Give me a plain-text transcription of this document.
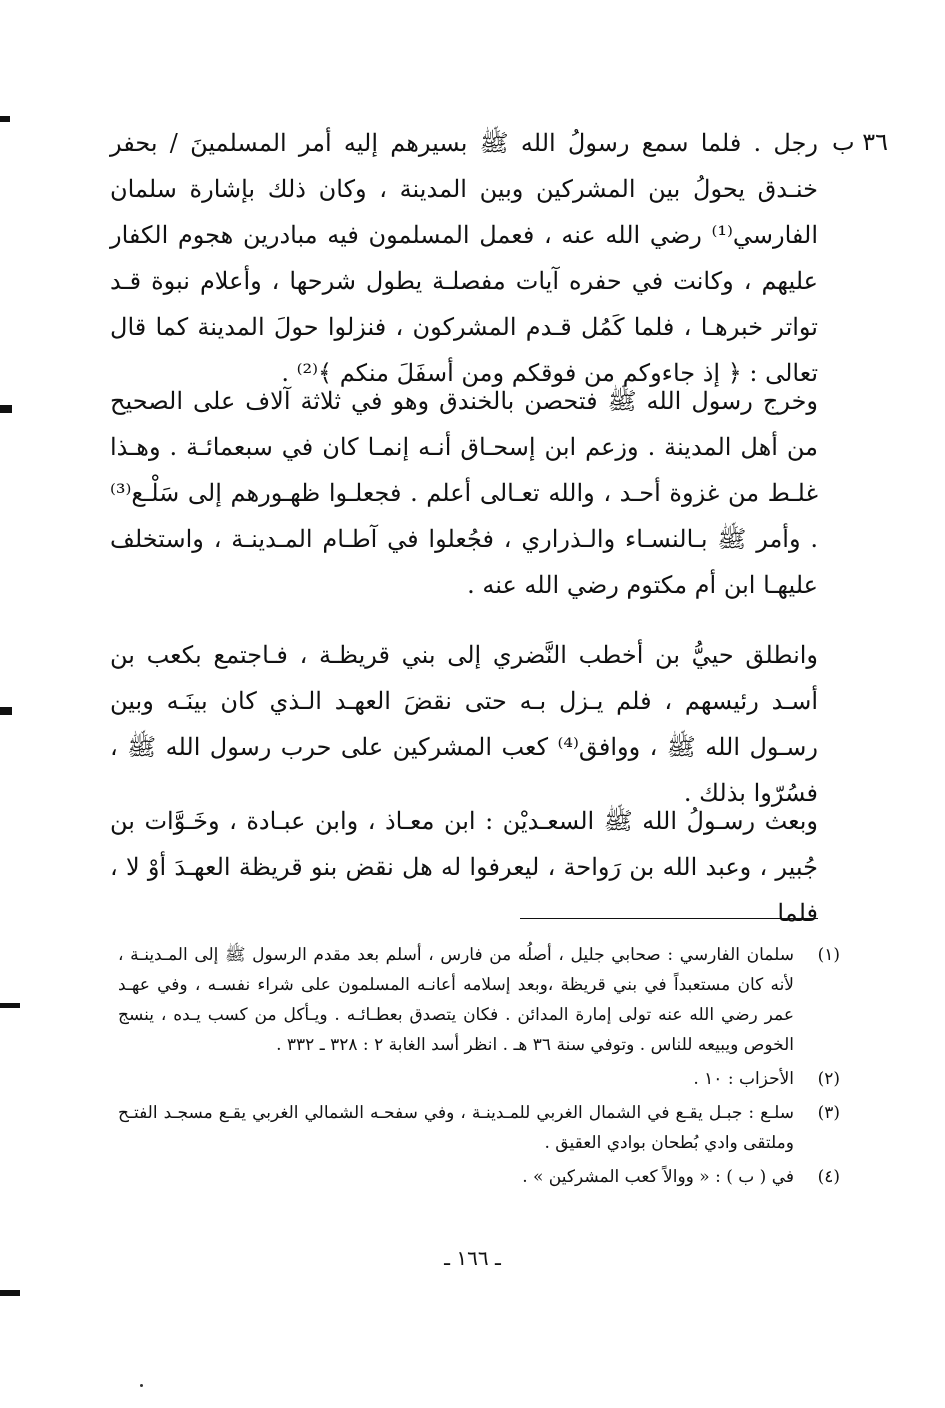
٣٦ ب

رجل . فلما سمع رسولُ الله ﷺ بسيرهم إليه أمر المسلمينَ / بحفر خنـدق يحولُ بين المشركين وبين المدينة ، وكان ذلك بإشارة سلمان الفارسي⁽¹⁾ رضي الله عنه ، فعمل المسلمون فيه مبادرين هجوم الكفار عليهم ، وكانت في حفره آيات مفصلـة يطول شرحها ، وأعلام نبوة قـد تواتر خبرهـا ، فلما كَمُل قـدم المشركون ، فنزلوا حولَ المدينة كما قال تعالى : ﴿ إذ جاءوكم من فوقكم ومن أسفَلَ منكم ﴾⁽²⁾ .

وخرج رسول الله ﷺ فتحصن بالخندق وهو في ثلاثة آلاف على الصحيح من أهل المدينة . وزعم ابن إسحـاق أنـه إنمـا كان في سبعمائـة . وهـذا غلـط من غزوة أحـد ، والله تعـالى أعلم . فجعلـوا ظهـورهم إلى سَلْـع⁽³⁾ . وأمر ﷺ بـالنسـاء والـذراري ، فجُعلوا في آطـام المـدينـة ، واستخلف عليهـا ابن أم مكتوم رضي الله عنه .

وانطلق حييُّ بن أخطب النَّضري إلى بني قريظـة ، فـاجتمع بكعب بن أسـد رئيسهم ، فلم يـزل بـه حتى نقضَ العهـد الـذي كان بينَـه وبين رسـول الله ﷺ ، ووافق⁽⁴⁾ كعب المشركين على حرب رسول الله ﷺ ، فسُرّوا بذلك .

وبعث رسـولُ الله ﷺ السعـديْن : ابن معـاذ ، وابن عبـادة ، وخَـوَّات بن جُبير ، وعبد الله بن رَواحة ، ليعرفوا له هل نقض بنو قريظة العهـدَ أوْ لا ، فلما

(١)
سلمان الفارسي : صحابي جليل ، أصلُه من فارس ، أسلم بعد مقدم الرسول ﷺ إلى المـدينـة ، لأنه كان مستعبداً في بني قريظة ،وبعد إسلامه أعانـه المسلمون على شراء نفسـه ، وفي عهـد عمر رضي الله عنه تولى إمارة المدائن . فكان يتصدق بعطـائـه . ويـأكل من كسب يـده ، ينسج الخوص ويبيعه للناس . وتوفي سنة ٣٦ هـ . انظر أسد الغابة ٢ : ٣٢٨ ـ ٣٣٢ .
(٢)
الأحزاب : ١٠ .
(٣)
سلـع : جبـل يقـع في الشمال الغربي للمـدينـة ، وفي سفحـه الشمالي الغربي يقـع مسجـد الفتـح وملتقى وادي بُطحان بوادي العقيق .
(٤)
في ( ب ) : « ووالاً كعب المشركين » .
ـ ١٦٦ ـ
